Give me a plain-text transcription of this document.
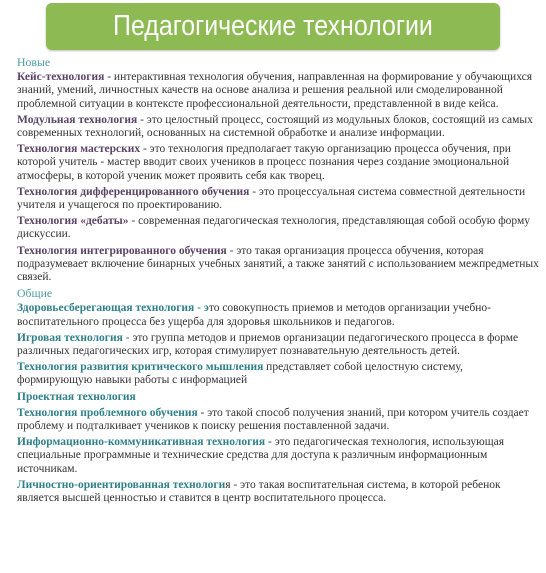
Педагогические технологии
Новые
Кейс-технология - интерактивная технология обучения, направленная на формирование у обучающихся знаний, умений, личностных качеств на основе анализа и решения реальной или смоделированной проблемной ситуации в контексте профессиональной деятельности, представленной в виде кейса.
Модульная технология - это целостный процесс, состоящий из модульных блоков, состоящий из самых современных технологий, основанных на системной обработке и анализе информации.
Технология мастерских - это технология предполагает такую организацию процесса обучения, при которой учитель - мастер вводит своих учеников в процесс познания через создание эмоциональной атмосферы, в которой ученик может проявить себя как творец.
Технология дифференцированного обучения - это процессуальная система совместной деятельности учителя и учащегося по проектированию.
Технология «дебаты» - современная педагогическая технология, представляющая собой особую форму дискуссии.
Технология интегрированного обучения - это такая организация процесса обучения, которая подразумевает включение бинарных учебных занятий, а также занятий с использованием межпредметных связей.
Общие
Здоровьесберегающая технология - это совокупность приемов и методов организации учебно-воспитательного процесса без ущерба для здоровья школьников и педагогов.
Игровая технология - это группа методов и приемов организации педагогического процесса в форме различных педагогических игр, которая стимулирует познавательную деятельность детей.
Технология развития критического мышления представляет собой целостную систему, формирующую навыки работы с информацией
Проектная технология
Технология проблемного обучения - это такой способ получения знаний, при котором учитель создает проблему и подталкивает учеников к поиску решения поставленной задачи.
Информационно-коммуникативная технология - это педагогическая технология, использующая специальные программные и технические средства для доступа к различным информационным источникам.
Личностно-ориентированная технология - это такая воспитательная система, в которой ребенок является высшей ценностью и ставится в центр воспитательного процесса.
